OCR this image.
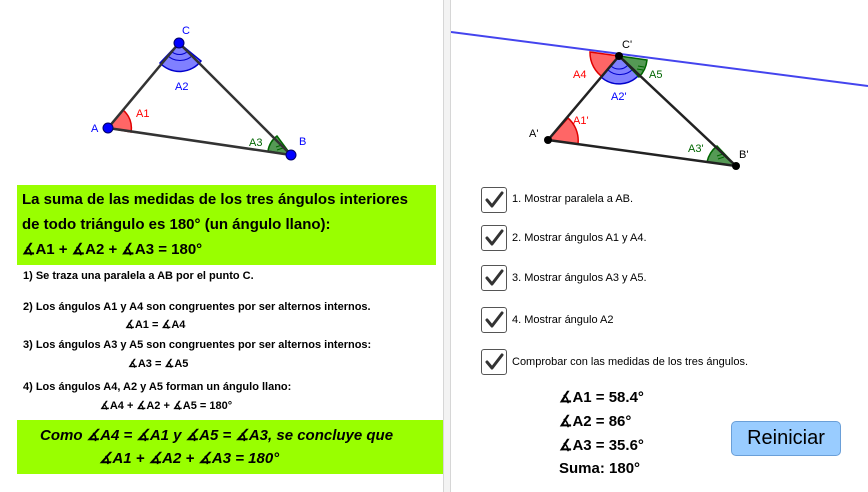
A
C
B
A1
A2
A3
La suma de las medidas de los tres ángulos interiores
de todo triángulo es 180° (un ángulo llano):
∡A1 + ∡A2 + ∡A3 = 180°
1) Se traza una paralela a AB por el punto C.
2) Los ángulos A1 y A4 son congruentes por ser alternos internos.
∡A1 = ∡A4
3) Los ángulos A3 y A5 son congruentes por ser alternos internos:
∡A3 = ∡A5
4) Los ángulos A4, A2 y A5 forman un ángulo llano:
∡A4 + ∡A2 + ∡A5 = 180°
Como ∡A4 = ∡A1 y ∡A5 = ∡A3, se concluye que
∡A1 + ∡A2 + ∡A3 = 180°
A'
C'
B'
A1'
A2'
A3'
A4	A5
1. Mostrar paralela a AB.
2. Mostrar ángulos A1 y A4.
3. Mostrar ángulos A3 y A5.
4. Mostrar ángulo A2
Comprobar con las medidas de los tres ángulos.
∡A1 = 58.4°
∡A2 = 86°
∡A3 = 35.6°
Suma: 180°
Reiniciar
